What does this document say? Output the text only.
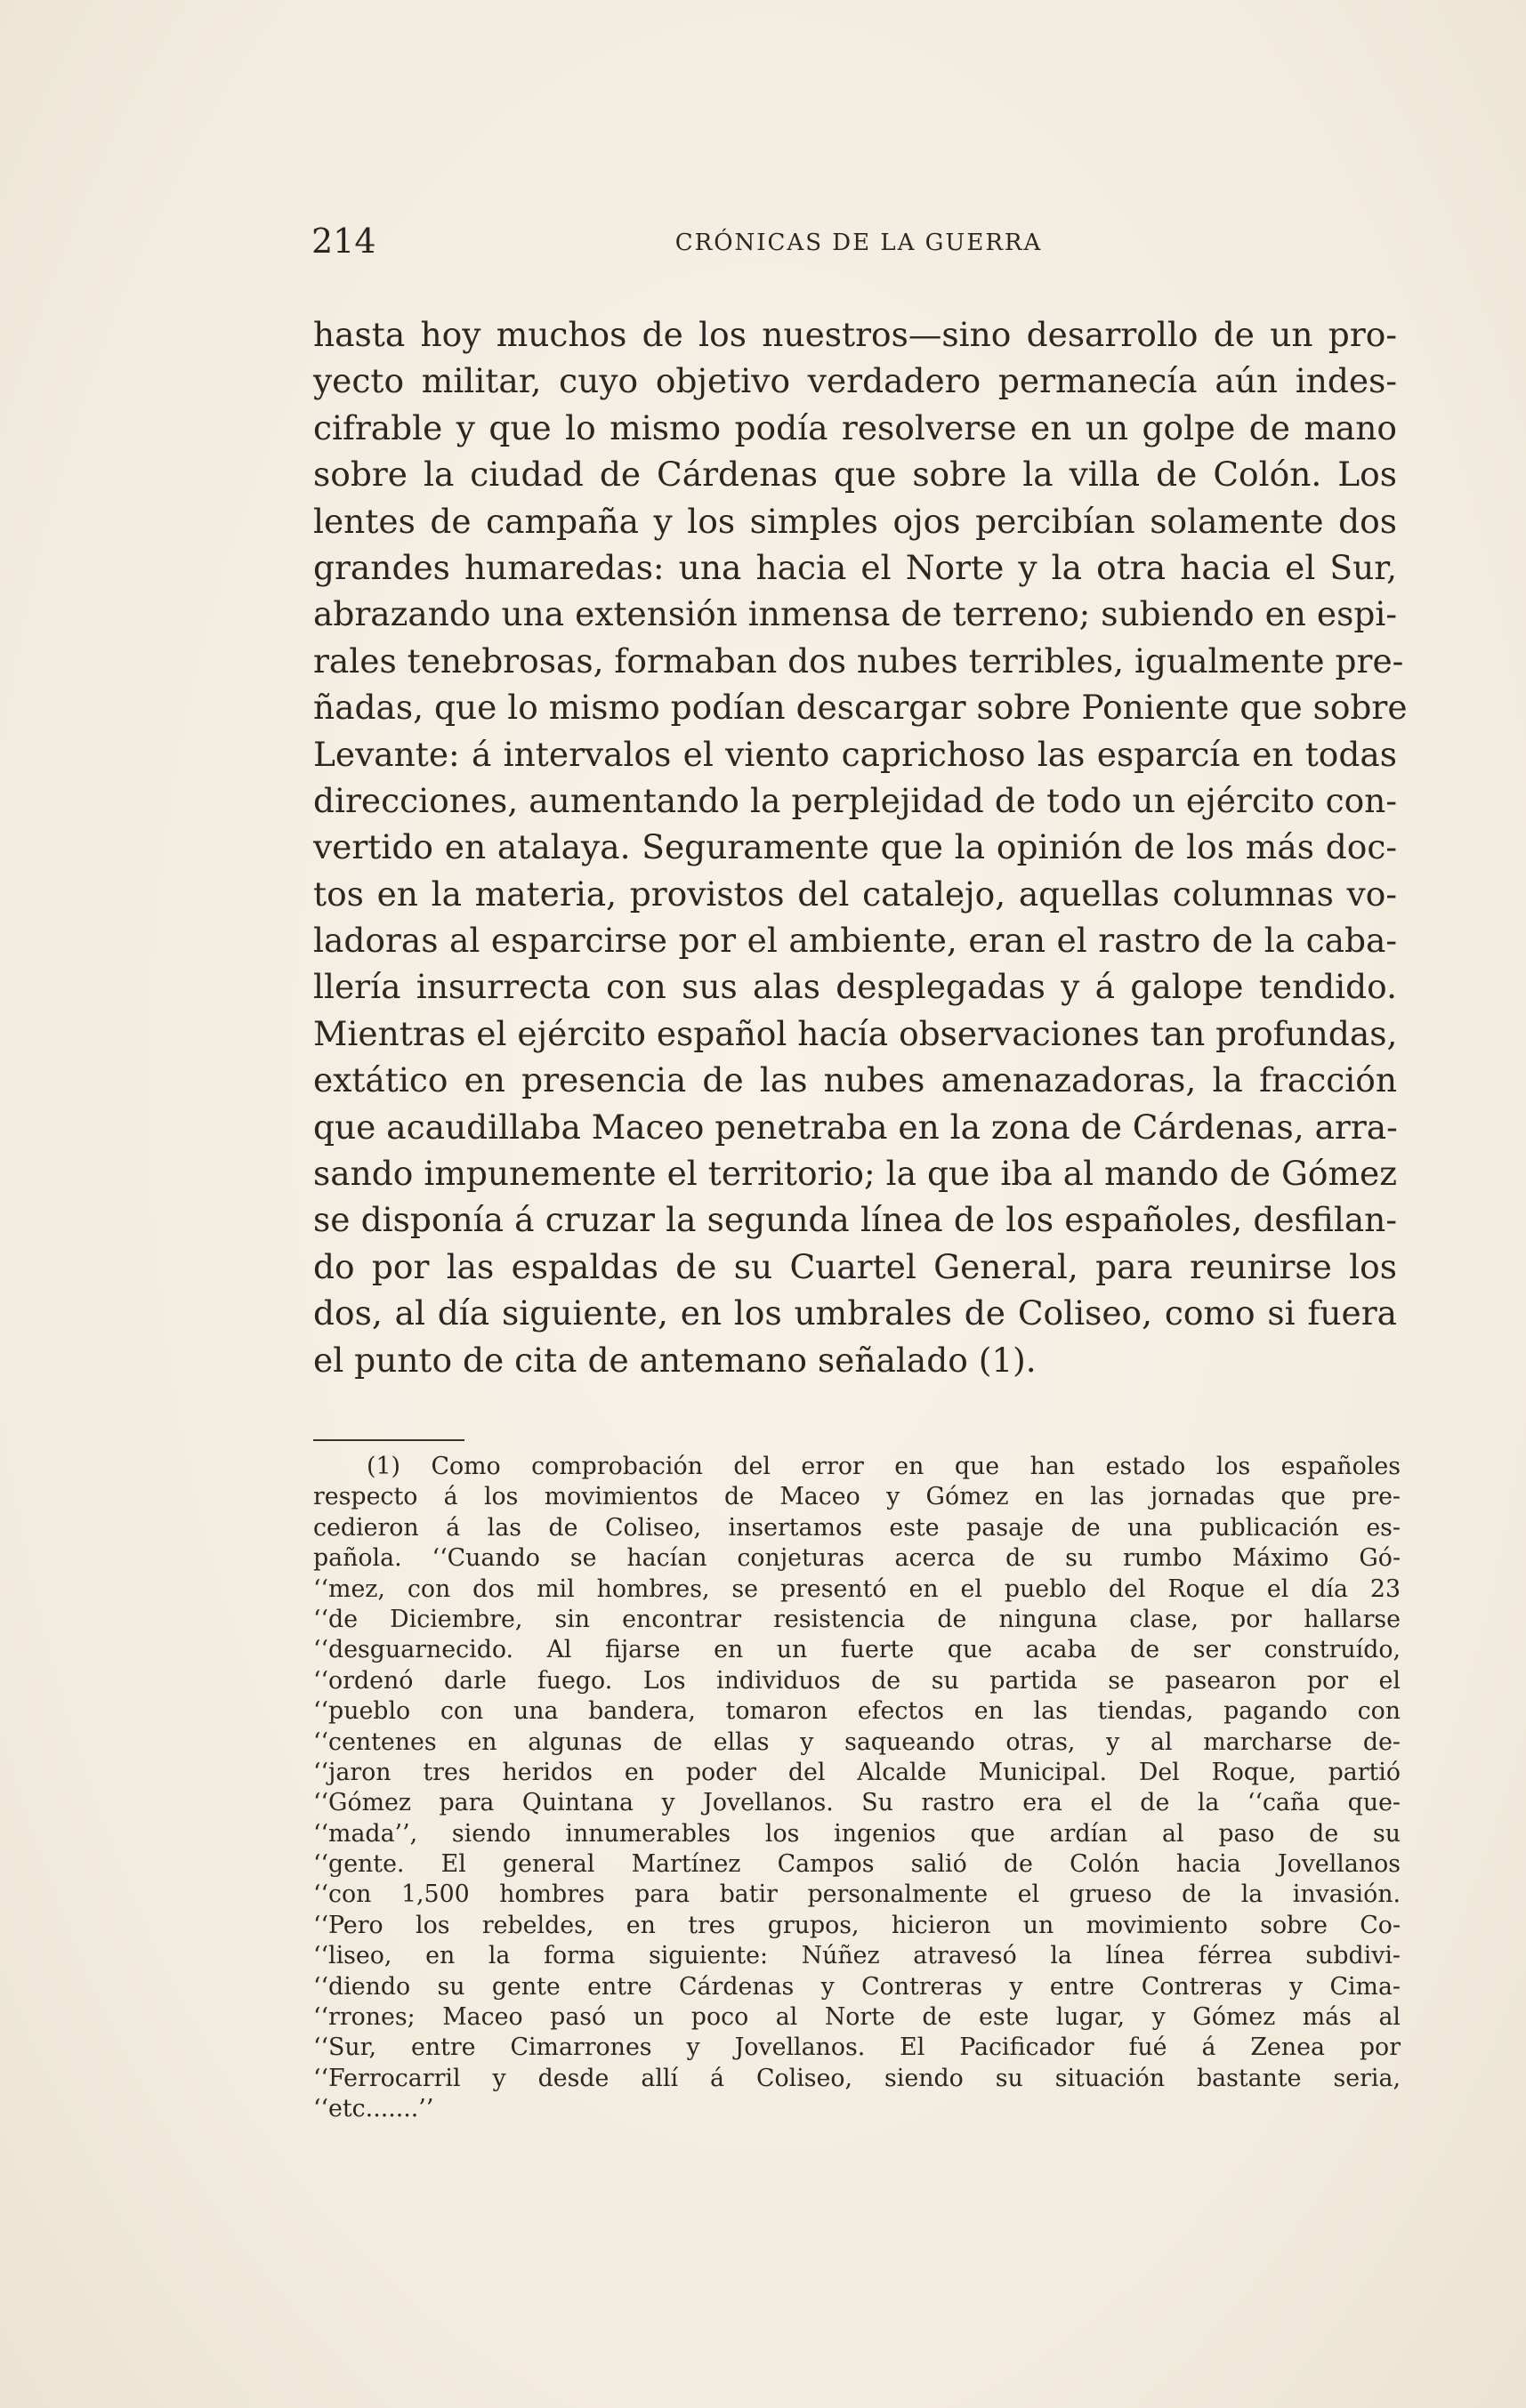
214	CRÓNICAS DE LA GUERRA
hasta hoy muchos de los nuestros—sino desarrollo de un pro-
yecto militar, cuyo objetivo verdadero permanecía aún indes-
cifrable y que lo mismo podía resolverse en un golpe de mano
sobre la ciudad de Cárdenas que sobre la villa de Colón. Los
lentes de campaña y los simples ojos percibían solamente dos
grandes humaredas: una hacia el Norte y la otra hacia el Sur,
abrazando una extensión inmensa de terreno; subiendo en espi-
rales tenebrosas, formaban dos nubes terribles, igualmente pre-
ñadas, que lo mismo podían descargar sobre Poniente que sobre
Levante: á intervalos el viento caprichoso las esparcía en todas
direcciones, aumentando la perplejidad de todo un ejército con-
vertido en atalaya. Seguramente que la opinión de los más doc-
tos en la materia, provistos del catalejo, aquellas columnas vo-
ladoras al esparcirse por el ambiente, eran el rastro de la caba-
llería insurrecta con sus alas desplegadas y á galope tendido.
Mientras el ejército español hacía observaciones tan profundas,
extático en presencia de las nubes amenazadoras, la fracción
que acaudillaba Maceo penetraba en la zona de Cárdenas, arra-
sando impunemente el territorio; la que iba al mando de Gómez
se disponía á cruzar la segunda línea de los españoles, desfilan-
do por las espaldas de su Cuartel General, para reunirse los
dos, al día siguiente, en los umbrales de Coliseo, como si fuera
el punto de cita de antemano señalado (1).
(1) Como comprobación del error en que han estado los españoles
respecto á los movimientos de Maceo y Gómez en las jornadas que pre-
cedieron á las de Coliseo, insertamos este pasaje de una publicación es-
pañola. ‘‘Cuando se hacían conjeturas acerca de su rumbo Máximo Gó-
‘‘mez, con dos mil hombres, se presentó en el pueblo del Roque el día 23
‘‘de Diciembre, sin encontrar resistencia de ninguna clase, por hallarse
‘‘desguarnecido. Al fijarse en un fuerte que acaba de ser construído,
‘‘ordenó darle fuego. Los individuos de su partida se pasearon por el
‘‘pueblo con una bandera, tomaron efectos en las tiendas, pagando con
‘‘centenes en algunas de ellas y saqueando otras, y al marcharse de-
‘‘jaron tres heridos en poder del Alcalde Municipal. Del Roque, partió
‘‘Gómez para Quintana y Jovellanos. Su rastro era el de la ‘‘caña que-
‘‘mada’’, siendo innumerables los ingenios que ardían al paso de su
‘‘gente. El general Martínez Campos salió de Colón hacia Jovellanos
‘‘con 1,500 hombres para batir personalmente el grueso de la invasión.
‘‘Pero los rebeldes, en tres grupos, hicieron un movimiento sobre Co-
‘‘liseo, en la forma siguiente: Núñez atravesó la línea férrea subdivi-
‘‘diendo su gente entre Cárdenas y Contreras y entre Contreras y Cima-
‘‘rrones; Maceo pasó un poco al Norte de este lugar, y Gómez más al
‘‘Sur, entre Cimarrones y Jovellanos. El Pacificador fué á Zenea por
‘‘Ferrocarril y desde allí á Coliseo, siendo su situación bastante seria,
‘‘etc.......’’
